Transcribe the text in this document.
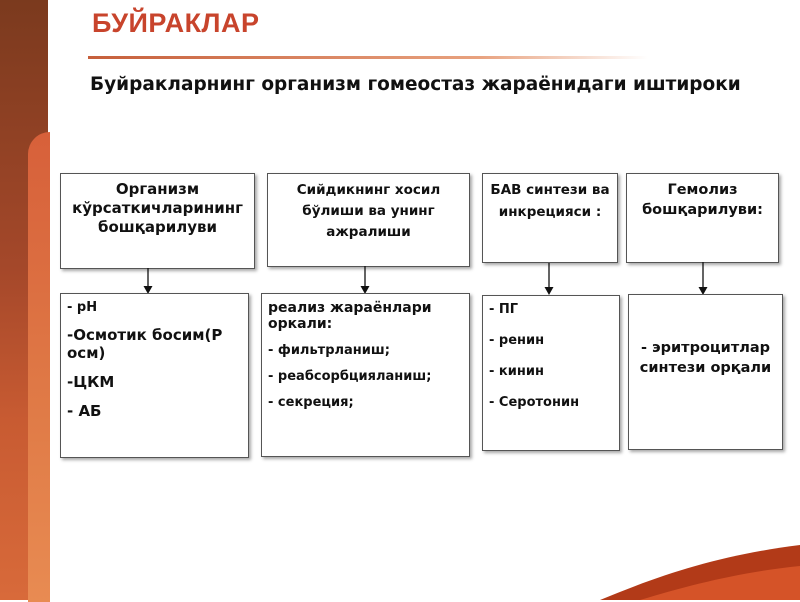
БУЙРАКЛАР
Буйракларнинг организм гомеостаз жараёнидаги иштироки
Организм кўрсаткичларининг бошқарилуви
- pH
-Осмотик босим(Р осм)
-ЦКМ
- АБ
Сийдикнинг хосил бўлиши ва унинг ажралиши
реализ жараёнлари оркали:
- фильтрланиш;
- реабсорбцияланиш;
- секреция;
БАВ синтези ва инкрецияси :
- ПГ
- ренин
- кинин
- Серотонин
Гемолиз бошқарилуви:
- эритроцитлар синтези орқали
